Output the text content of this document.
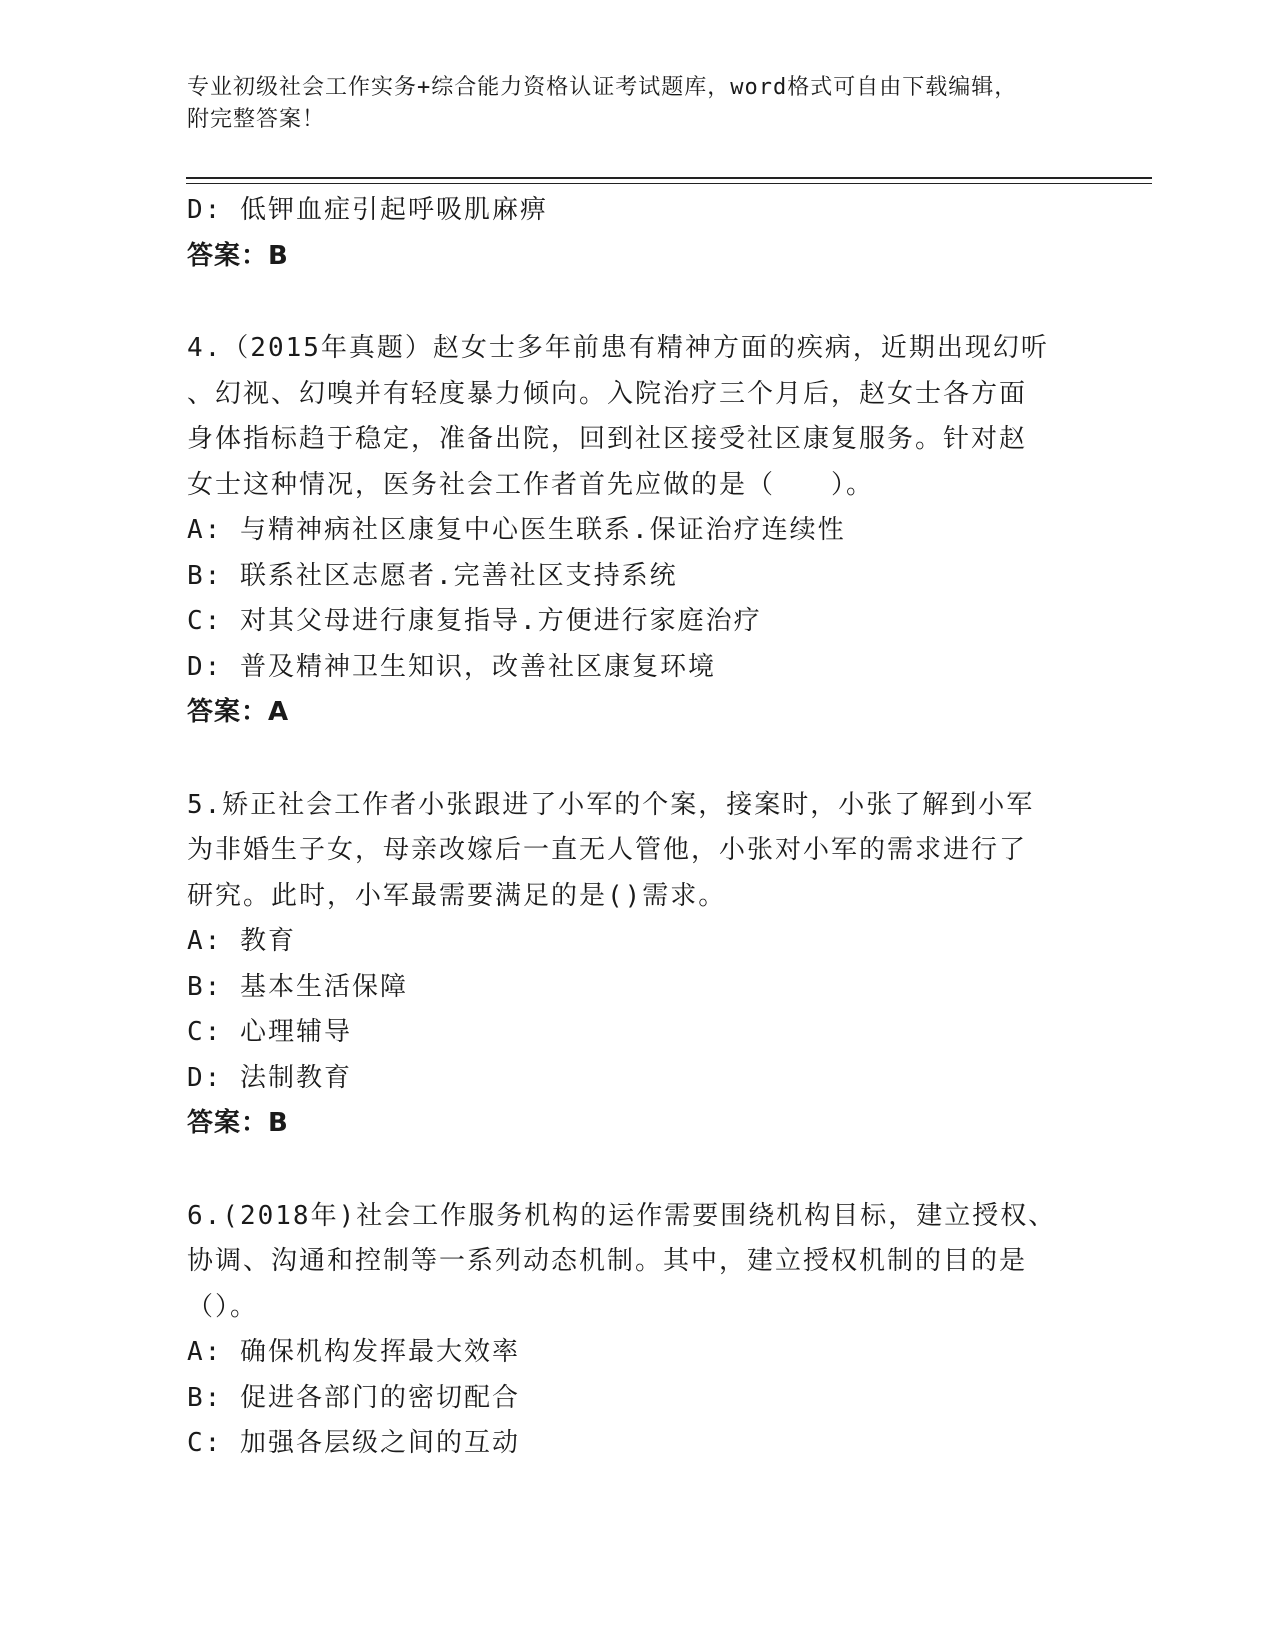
专业初级社会工作实务+综合能力资格认证考试题库，word格式可自由下载编辑，
附完整答案！
D: 低钾血症引起呼吸肌麻痹
答案：B
4.（2015年真题）赵女士多年前患有精神方面的疾病，近期出现幻听
、幻视、幻嗅并有轻度暴力倾向。入院治疗三个月后，赵女士各方面
身体指标趋于稳定，准备出院，回到社区接受社区康复服务。针对赵
女士这种情况，医务社会工作者首先应做的是（　　）。
A: 与精神病社区康复中心医生联系.保证治疗连续性
B: 联系社区志愿者.完善社区支持系统
C: 对其父母进行康复指导.方便进行家庭治疗
D: 普及精神卫生知识，改善社区康复环境
答案：A
5.矫正社会工作者小张跟进了小军的个案，接案时，小张了解到小军
为非婚生子女，母亲改嫁后一直无人管他，小张对小军的需求进行了
研究。此时，小军最需要满足的是()需求。
A: 教育
B: 基本生活保障
C: 心理辅导
D: 法制教育
答案：B
6.(2018年)社会工作服务机构的运作需要围绕机构目标，建立授权、
协调、沟通和控制等一系列动态机制。其中，建立授权机制的目的是
（）。
A: 确保机构发挥最大效率
B: 促进各部门的密切配合
C: 加强各层级之间的互动
